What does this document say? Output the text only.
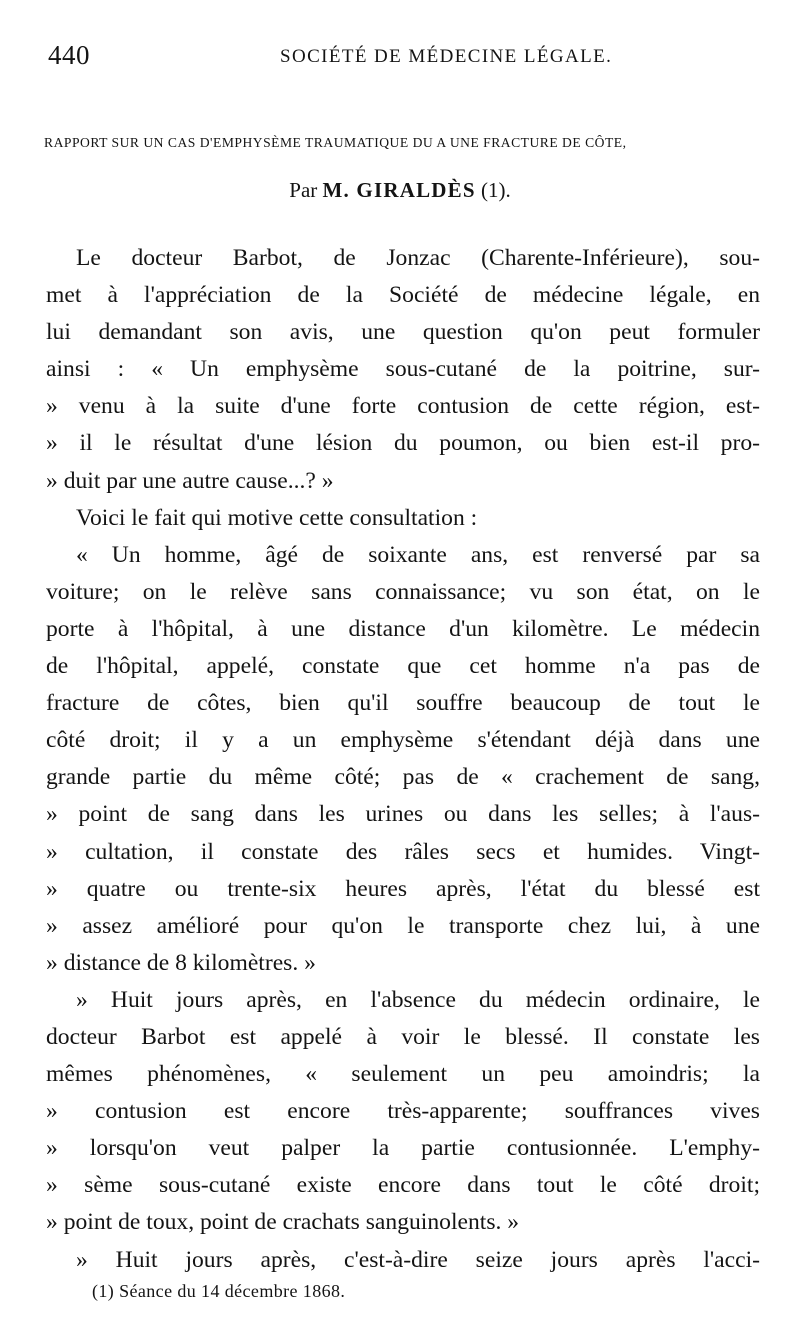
440	SOCIÉTÉ DE MÉDECINE LÉGALE.
RAPPORT SUR UN CAS D'EMPHYSÈME TRAUMATIQUE DU A UNE FRACTURE DE CÔTE,
Par M. GIRALDÈS (1).
Le docteur Barbot, de Jonzac (Charente-Inférieure), sou-
met à l'appréciation de la Société de médecine légale, en
lui demandant son avis, une question qu'on peut formuler
ainsi : « Un emphysème sous-cutané de la poitrine, sur-
» venu à la suite d'une forte contusion de cette région, est-
» il le résultat d'une lésion du poumon, ou bien est-il pro-
» duit par une autre cause...? »
Voici le fait qui motive cette consultation :
« Un homme, âgé de soixante ans, est renversé par sa
voiture; on le relève sans connaissance; vu son état, on le
porte à l'hôpital, à une distance d'un kilomètre. Le médecin
de l'hôpital, appelé, constate que cet homme n'a pas de
fracture de côtes, bien qu'il souffre beaucoup de tout le
côté droit; il y a un emphysème s'étendant déjà dans une
grande partie du même côté; pas de « crachement de sang,
» point de sang dans les urines ou dans les selles; à l'aus-
» cultation, il constate des râles secs et humides. Vingt-
» quatre ou trente-six heures après, l'état du blessé est
» assez amélioré pour qu'on le transporte chez lui, à une
» distance de 8 kilomètres. »
» Huit jours après, en l'absence du médecin ordinaire, le
docteur Barbot est appelé à voir le blessé. Il constate les
mêmes phénomènes, « seulement un peu amoindris; la
» contusion est encore très-apparente; souffrances vives
» lorsqu'on veut palper la partie contusionnée. L'emphy-
» sème sous-cutané existe encore dans tout le côté droit;
» point de toux, point de crachats sanguinolents. »
» Huit jours après, c'est-à-dire seize jours après l'acci-
(1) Séance du 14 décembre 1868.
